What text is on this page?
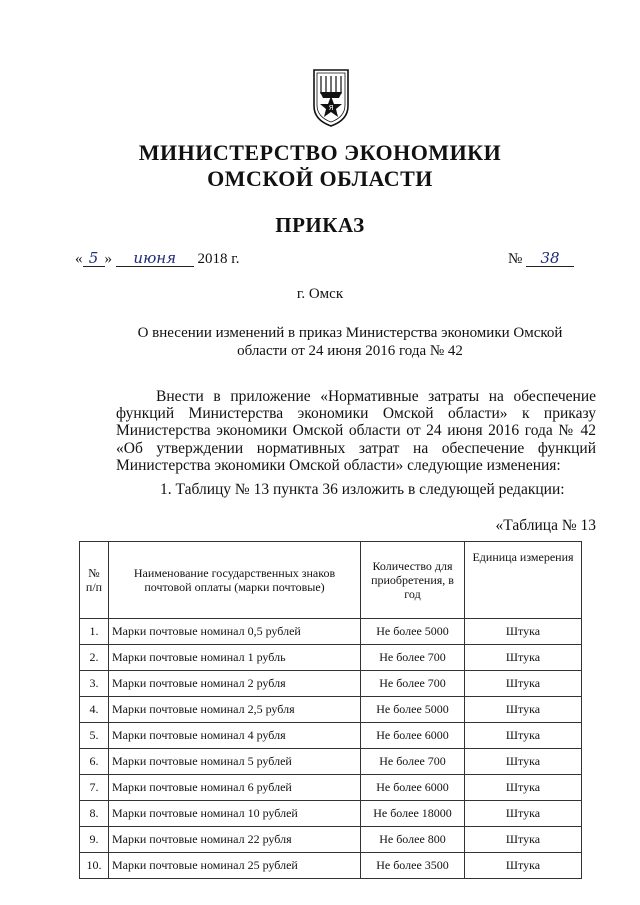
Я
МИНИСТЕРСТВО ЭКОНОМИКИ
ОМСКОЙ ОБЛАСТИ
ПРИКАЗ
« 5 » июня 2018 г.	№ 38
г. Омск
О внесении изменений в приказ Министерства экономики Омской
области от 24 июня 2016 года № 42

Внести в приложение «Нормативные затраты на обеспечение функций Министерства экономики Омской области» к приказу Министерства экономики Омской области от 24 июня 2016 года № 42 «Об утверждении нормативных затрат на обеспечение функций Министерства экономики Омской области» следующие изменения:

1. Таблицу № 13 пункта 36 изложить в следующей редакции:
«Таблица № 13
№ п/п	Наименование государственных знаков почтовой оплаты (марки почтовые)	Количество для приобретения, в год	Единица измерения
1.	Марки почтовые номинал 0,5 рублей	Не более 5000	Штука
2.	Марки почтовые номинал 1 рубль	Не более 700	Штука
3.	Марки почтовые номинал 2 рубля	Не более 700	Штука
4.	Марки почтовые номинал 2,5 рубля	Не более 5000	Штука
5.	Марки почтовые номинал 4 рубля	Не более 6000	Штука
6.	Марки почтовые номинал 5 рублей	Не более 700	Штука
7.	Марки почтовые номинал 6 рублей	Не более 6000	Штука
8.	Марки почтовые номинал 10 рублей	Не более 18000	Штука
9.	Марки почтовые номинал 22 рубля	Не более 800	Штука
10.	Марки почтовые номинал 25 рублей	Не более 3500	Штука
